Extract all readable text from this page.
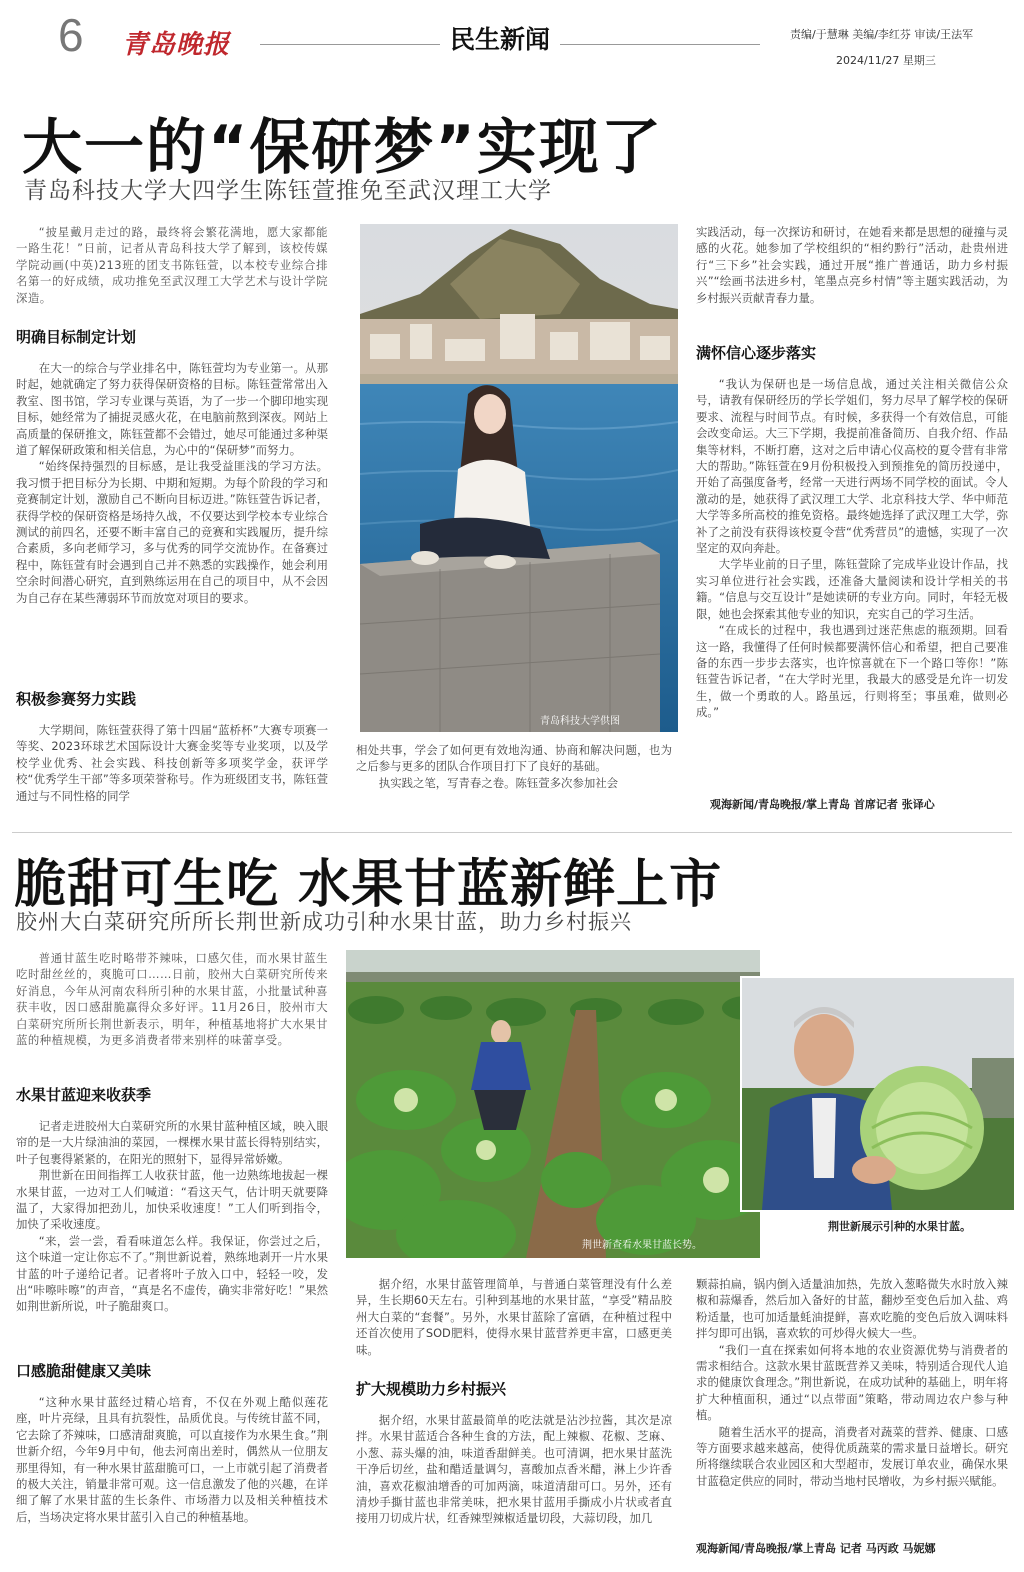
6 青岛晚报	民生新闻	责编/于慧琳 美编/李红芬 审读/王法军
2024/11/27 星期三
大一的“保研梦”实现了
青岛科技大学大四学生陈钰萱推免至武汉理工大学

“披星戴月走过的路，最终将会繁花满地，愿大家都能一路生花！”日前，记者从青岛科技大学了解到，该校传媒学院动画(中英)213班的团支书陈钰萱，以本校专业综合排名第一的好成绩，成功推免至武汉理工大学艺术与设计学院深造。

明确目标制定计划

在大一的综合与学业排名中，陈钰萱均为专业第一。从那时起，她就确定了努力获得保研资格的目标。陈钰萱常常出入教室、图书馆，学习专业课与英语，为了一步一个脚印地实现目标，她经常为了捕捉灵感火花，在电脑前熬到深夜。网站上高质量的保研推文，陈钰萱都不会错过，她尽可能通过多种渠道了解保研政策和相关信息，为心中的“保研梦”而努力。

“始终保持强烈的目标感，是让我受益匪浅的学习方法。我习惯于把目标分为长期、中期和短期。为每个阶段的学习和竞赛制定计划，激励自己不断向目标迈进。”陈钰萱告诉记者，获得学校的保研资格是场持久战，不仅要达到学校本专业综合测试的前四名，还要不断丰富自己的竞赛和实践履历，提升综合素质，多向老师学习，多与优秀的同学交流协作。在备赛过程中，陈钰萱有时会遇到自己并不熟悉的实践操作，她会利用空余时间潜心研究，直到熟练运用在自己的项目中，从不会因为自己存在某些薄弱环节而放宽对项目的要求。

积极参赛努力实践

大学期间，陈钰萱获得了第十四届“蓝桥杯”大赛专项赛一等奖、2023环球艺术国际设计大赛金奖等专业奖项，以及学校学业优秀、社会实践、科技创新等多项奖学金，获评学校“优秀学生干部”等多项荣誉称号。作为班级团支书，陈钰萱通过与不同性格的同学

青岛科技大学供图

相处共事，学会了如何更有效地沟通、协商和解决问题，也为之后参与更多的团队合作项目打下了良好的基础。

执实践之笔，写青春之卷。陈钰萱多次参加社会

实践活动，每一次探访和研讨，在她看来都是思想的碰撞与灵感的火花。她参加了学校组织的“相约黔行”活动，赴贵州进行“三下乡”社会实践，通过开展“推广普通话，助力乡村振兴”“绘画书法进乡村，笔墨点亮乡村情”等主题实践活动，为乡村振兴贡献青春力量。

满怀信心逐步落实

“我认为保研也是一场信息战，通过关注相关微信公众号，请教有保研经历的学长学姐们，努力尽早了解学校的保研要求、流程与时间节点。有时候，多获得一个有效信息，可能会改变命运。大三下学期，我提前准备简历、自我介绍、作品集等材料，不断打磨，这对之后申请心仪高校的夏令营有非常大的帮助。”陈钰萱在9月份积极投入到预推免的简历投递中，开始了高强度备考，经常一天进行两场不同学校的面试。令人激动的是，她获得了武汉理工大学、北京科技大学、华中师范大学等多所高校的推免资格。最终她选择了武汉理工大学，弥补了之前没有获得该校夏令营“优秀营员”的遗憾，实现了一次坚定的双向奔赴。

大学毕业前的日子里，陈钰萱除了完成毕业设计作品，找实习单位进行社会实践，还准备大量阅读和设计学相关的书籍。“信息与交互设计”是她读研的专业方向。同时，年轻无极限，她也会探索其他专业的知识，充实自己的学习生活。

“在成长的过程中，我也遇到过迷茫焦虑的瓶颈期。回看这一路，我懂得了任何时候都要满怀信心和希望，把自己要准备的东西一步步去落实，也许惊喜就在下一个路口等你！”陈钰萱告诉记者，“在大学时光里，我最大的感受是允许一切发生，做一个勇敢的人。路虽远，行则将至；事虽难，做则必成。”

观海新闻/青岛晚报/掌上青岛 首席记者 张译心
脆甜可生吃 水果甘蓝新鲜上市
胶州大白菜研究所所长荆世新成功引种水果甘蓝，助力乡村振兴

普通甘蓝生吃时略带芥辣味，口感欠佳，而水果甘蓝生吃时甜丝丝的，爽脆可口……日前，胶州大白菜研究所传来好消息，今年从河南农科所引种的水果甘蓝，小批量试种喜获丰收，因口感甜脆赢得众多好评。11月26日，胶州市大白菜研究所所长荆世新表示，明年，种植基地将扩大水果甘蓝的种植规模，为更多消费者带来别样的味蕾享受。

水果甘蓝迎来收获季

记者走进胶州大白菜研究所的水果甘蓝种植区域，映入眼帘的是一大片绿油油的菜园，一棵棵水果甘蓝长得特别结实，叶子包裹得紧紧的，在阳光的照射下，显得异常娇嫩。

荆世新在田间指挥工人收获甘蓝，他一边熟练地拔起一棵水果甘蓝，一边对工人们喊道：“看这天气，估计明天就要降温了，大家得加把劲儿，加快采收速度！”工人们听到指令，加快了采收速度。

“来，尝一尝，看看味道怎么样。我保证，你尝过之后，这个味道一定让你忘不了。”荆世新说着，熟练地剥开一片水果甘蓝的叶子递给记者。记者将叶子放入口中，轻轻一咬，发出“咔嚓咔嚓”的声音，“真是名不虚传，确实非常好吃！”果然如荆世新所说，叶子脆甜爽口。

口感脆甜健康又美味

“这种水果甘蓝经过精心培育，不仅在外观上酷似莲花座，叶片亮绿，且具有抗裂性，品质优良。与传统甘蓝不同，它去除了芥辣味，口感清甜爽脆，可以直接作为水果生食。”荆世新介绍，今年9月中旬，他去河南出差时，偶然从一位朋友那里得知，有一种水果甘蓝甜脆可口，一上市就引起了消费者的极大关注，销量非常可观。这一信息激发了他的兴趣，在详细了解了水果甘蓝的生长条件、市场潜力以及相关种植技术后，当场决定将水果甘蓝引入自己的种植基地。

荆世新查看水果甘蓝长势。
荆世新展示引种的水果甘蓝。

据介绍，水果甘蓝管理简单，与普通白菜管理没有什么差异，生长期60天左右。引种到基地的水果甘蓝，“享受”精品胶州大白菜的“套餐”。另外，水果甘蓝除了富硒，在种植过程中还首次使用了SOD肥料，使得水果甘蓝营养更丰富，口感更美味。

扩大规模助力乡村振兴

据介绍，水果甘蓝最简单的吃法就是沾沙拉酱，其次是凉拌。水果甘蓝适合各种生食的方法，配上辣椒、花椒、芝麻、小葱、蒜头爆的油，味道香甜鲜美。也可清调，把水果甘蓝洗干净后切丝，盐和醋适量调匀，喜酸加点香米醋，淋上少许香油，喜欢花椒油增香的可加两滴，味道清甜可口。另外，还有清炒手撕甘蓝也非常美味，把水果甘蓝用手撕成小片状或者直接用刀切成片状，红香辣型辣椒适量切段，大蒜切段，加几

颗蒜拍扁，锅内倒入适量油加热，先放入葱略微失水时放入辣椒和蒜爆香，然后加入备好的甘蓝，翻炒至变色后加入盐、鸡粉适量，也可加适量蚝油提鲜，喜欢吃脆的变色后放入调味料拌匀即可出锅，喜欢软的可炒得火候大一些。

“我们一直在探索如何将本地的农业资源优势与消费者的需求相结合。这款水果甘蓝既营养又美味，特别适合现代人追求的健康饮食理念。”荆世新说，在成功试种的基础上，明年将扩大种植面积，通过“以点带面”策略，带动周边农户参与种植。

随着生活水平的提高，消费者对蔬菜的营养、健康、口感等方面要求越来越高，使得优质蔬菜的需求量日益增长。研究所将继续联合农业园区和大型超市，发展订单农业，确保水果甘蓝稳定供应的同时，带动当地村民增收，为乡村振兴赋能。

观海新闻/青岛晚报/掌上青岛 记者 马丙政 马妮娜
